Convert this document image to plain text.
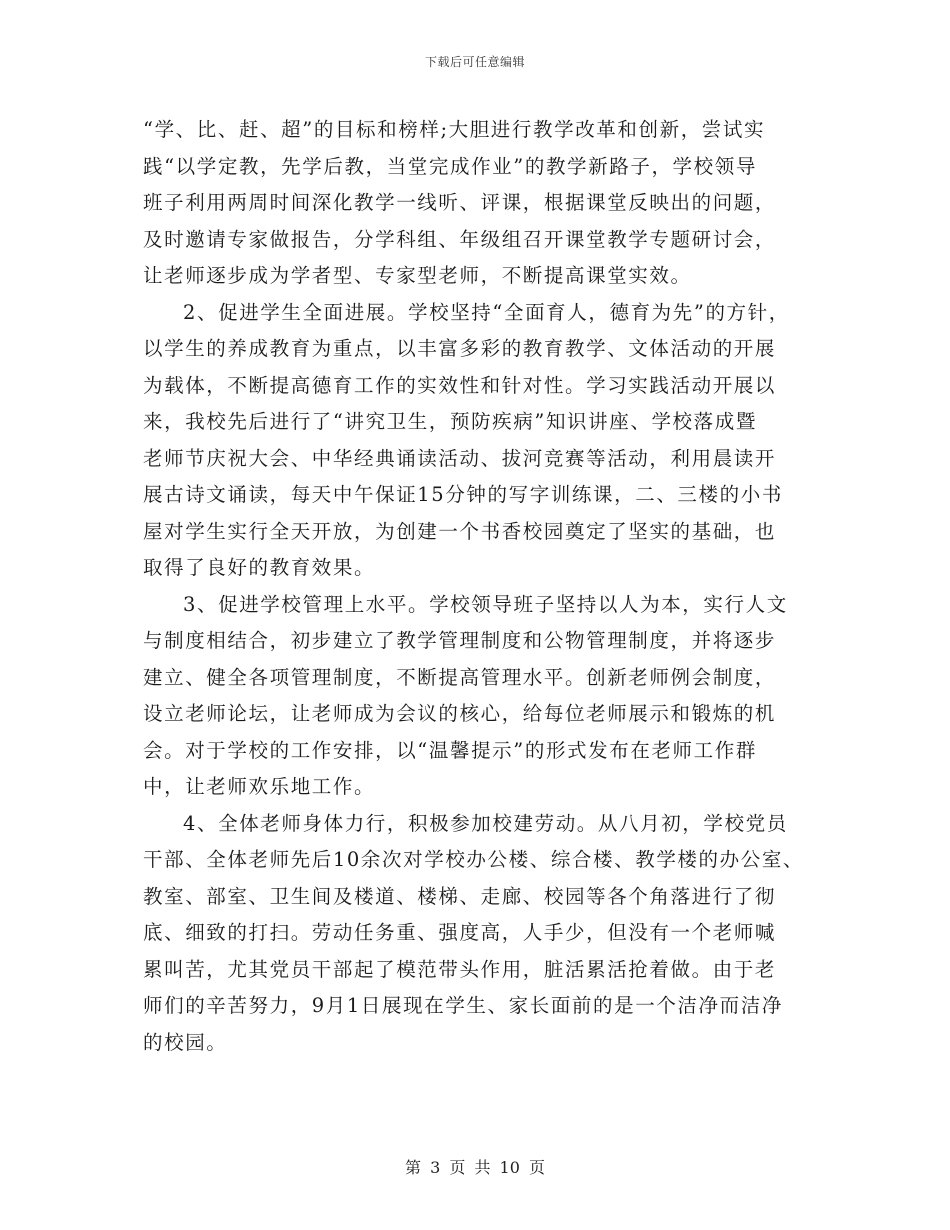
下载后可任意编辑
“学、比、赶、超”的目标和榜样;大胆进行教学改革和创新，尝试实
践“以学定教，先学后教，当堂完成作业”的教学新路子，学校领导
班子利用两周时间深化教学一线听、评课，根据课堂反映出的问题，
及时邀请专家做报告，分学科组、年级组召开课堂教学专题研讨会，
让老师逐步成为学者型、专家型老师，不断提高课堂实效。
2、促进学生全面进展。学校坚持“全面育人，德育为先”的方针，
以学生的养成教育为重点，以丰富多彩的教育教学、文体活动的开展
为载体，不断提高德育工作的实效性和针对性。学习实践活动开展以
来，我校先后进行了“讲究卫生，预防疾病”知识讲座、学校落成暨
老师节庆祝大会、中华经典诵读活动、拔河竞赛等活动，利用晨读开
展古诗文诵读，每天中午保证15分钟的写字训练课，二、三楼的小书
屋对学生实行全天开放，为创建一个书香校园奠定了坚实的基础，也
取得了良好的教育效果。
3、促进学校管理上水平。学校领导班子坚持以人为本，实行人文
与制度相结合，初步建立了教学管理制度和公物管理制度，并将逐步
建立、健全各项管理制度，不断提高管理水平。创新老师例会制度，
设立老师论坛，让老师成为会议的核心，给每位老师展示和锻炼的机
会。对于学校的工作安排，以“温馨提示”的形式发布在老师工作群
中，让老师欢乐地工作。
4、全体老师身体力行，积极参加校建劳动。从八月初，学校党员
干部、全体老师先后10余次对学校办公楼、综合楼、教学楼的办公室、
教室、部室、卫生间及楼道、楼梯、走廊、校园等各个角落进行了彻
底、细致的打扫。劳动任务重、强度高，人手少，但没有一个老师喊
累叫苦，尤其党员干部起了模范带头作用，脏活累活抢着做。由于老
师们的辛苦努力，9月1日展现在学生、家长面前的是一个洁净而洁净
的校园。
第 3 页 共 10 页
